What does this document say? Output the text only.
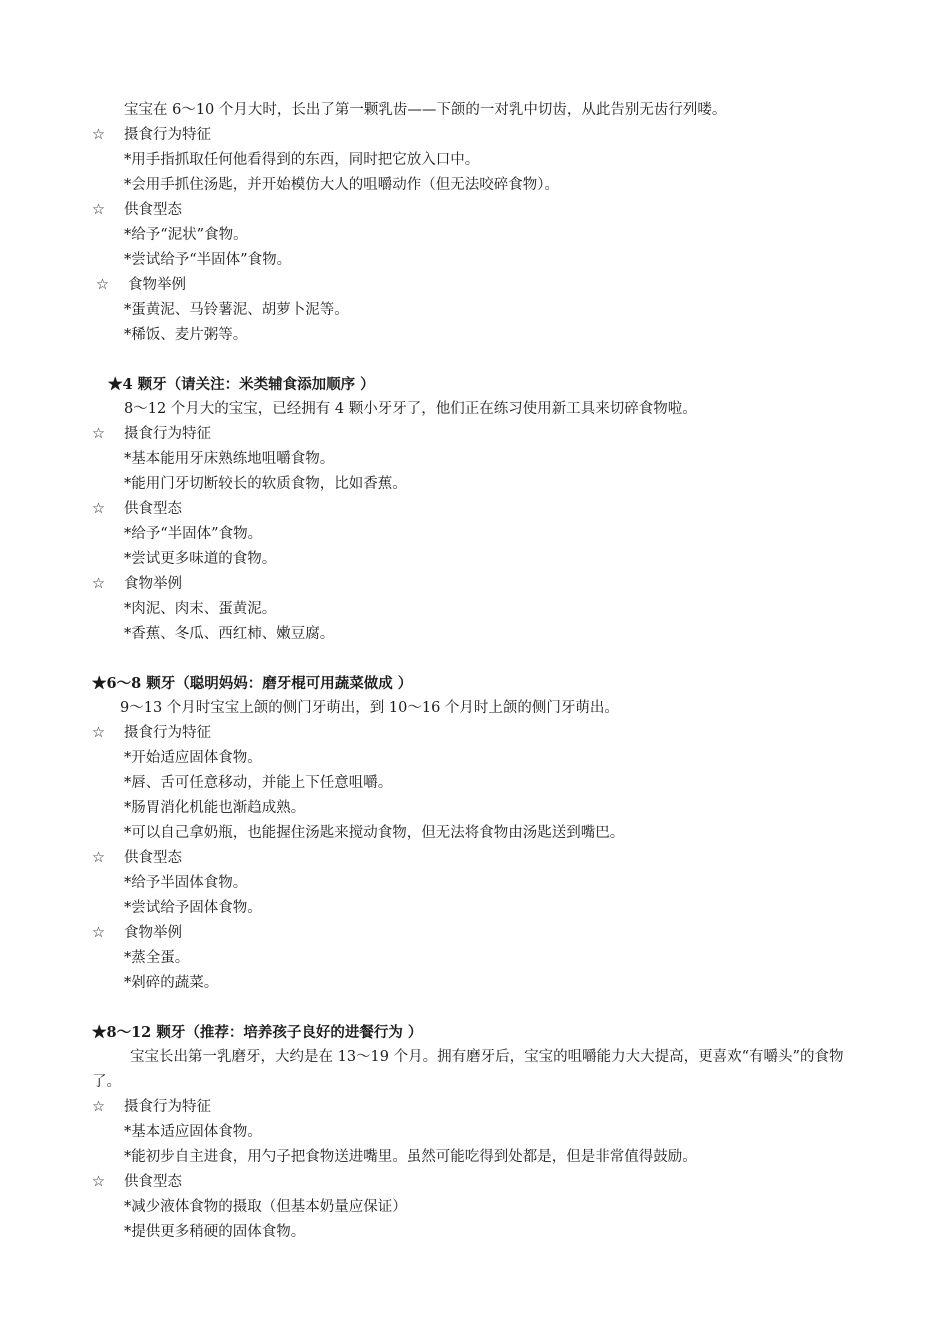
宝宝在 6～10 个月大时，长出了第一颗乳齿——下颌的一对乳中切齿，从此告别无齿行列喽。
☆ 摄食行为特征
*用手指抓取任何他看得到的东西，同时把它放入口中。
*会用手抓住汤匙，并开始模仿大人的咀嚼动作（但无法咬碎食物）。
☆ 供食型态
*给予“泥状”食物。
*尝试给予“半固体”食物。
☆ 食物举例
*蛋黄泥、马铃薯泥、胡萝卜泥等。
*稀饭、麦片粥等。
★4 颗牙（请关注：米类辅食添加顺序 ）
8～12 个月大的宝宝，已经拥有 4 颗小牙牙了，他们正在练习使用新工具来切碎食物啦。
☆ 摄食行为特征
*基本能用牙床熟练地咀嚼食物。
*能用门牙切断较长的软质食物，比如香蕉。
☆ 供食型态
*给予“半固体”食物。
*尝试更多味道的食物。
☆ 食物举例
*肉泥、肉末、蛋黄泥。
*香蕉、冬瓜、西红柿、嫩豆腐。
★6～8 颗牙（聪明妈妈：磨牙棍可用蔬菜做成 ）
9～13 个月时宝宝上颌的侧门牙萌出，到 10～16 个月时上颌的侧门牙萌出。
☆ 摄食行为特征
*开始适应固体食物。
*唇、舌可任意移动，并能上下任意咀嚼。
*肠胃消化机能也渐趋成熟。
*可以自己拿奶瓶，也能握住汤匙来搅动食物，但无法将食物由汤匙送到嘴巴。
☆ 供食型态
*给予半固体食物。
*尝试给予固体食物。
☆ 食物举例
*蒸全蛋。
*剁碎的蔬菜。
★8～12 颗牙（推荐：培养孩子良好的进餐行为 ）
宝宝长出第一乳磨牙，大约是在 13～19 个月。拥有磨牙后，宝宝的咀嚼能力大大提高，更喜欢“有嚼头”的食物了。
☆ 摄食行为特征
*基本适应固体食物。
*能初步自主进食，用勺子把食物送进嘴里。虽然可能吃得到处都是，但是非常值得鼓励。
☆ 供食型态
*减少液体食物的摄取（但基本奶量应保证）
*提供更多稍硬的固体食物。
